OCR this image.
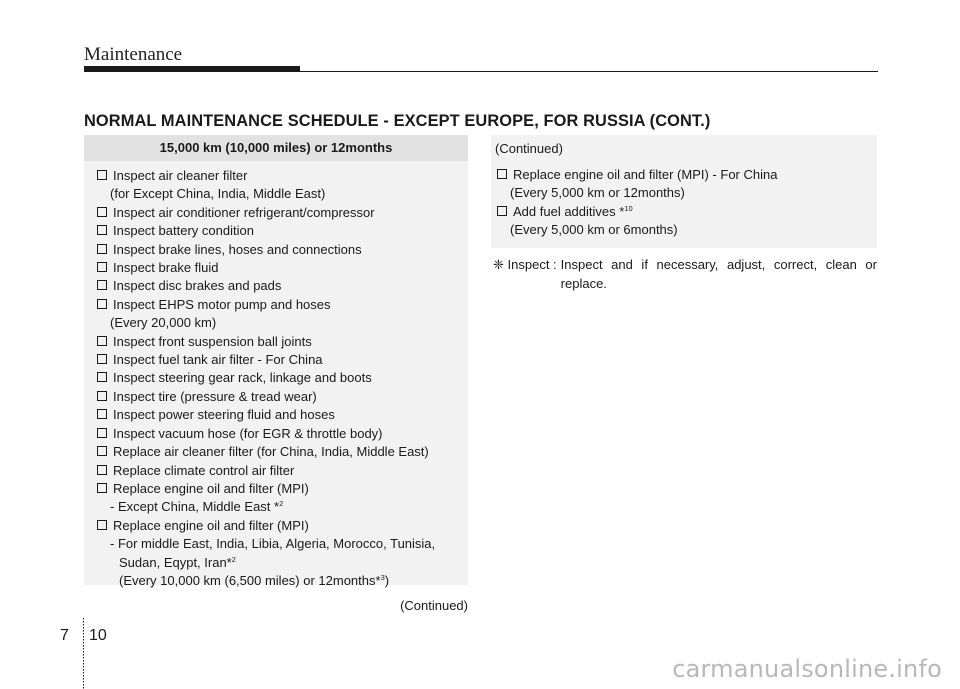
Maintenance
NORMAL MAINTENANCE SCHEDULE - EXCEPT EUROPE, FOR RUSSIA (CONT.)
15,000 km (10,000 miles) or 12months
Inspect air cleaner filter
(for Except China, India, Middle East)
Inspect air conditioner refrigerant/compressor
Inspect battery condition
Inspect brake lines, hoses and connections
Inspect brake fluid
Inspect disc brakes and pads
Inspect EHPS motor pump and hoses
(Every 20,000 km)
Inspect front suspension ball joints
Inspect fuel tank air filter - For China
Inspect steering gear rack, linkage and boots
Inspect tire (pressure & tread wear)
Inspect power steering fluid and hoses
Inspect vacuum hose (for EGR & throttle body)
Replace air cleaner filter (for China, India, Middle East)
Replace climate control air filter
Replace engine oil and filter (MPI)
- Except China, Middle East *$^2$
Replace engine oil and filter (MPI)
- For middle East, India, Libia, Algeria, Morocco, Tunisia,
Sudan, Eqypt, Iran*$^2$
(Every 10,000 km (6,500 miles) or 12months*$^3$)
(Continued)
(Continued)
Replace engine oil and filter (MPI) - For China
(Every 5,000 km or 12months)
Add fuel additives *$^{10}$
(Every 5,000 km or 6months)
❈ Inspect : Inspect and if necessary, adjust, correct, clean or replace.
7 10
carmanualsonline.info
